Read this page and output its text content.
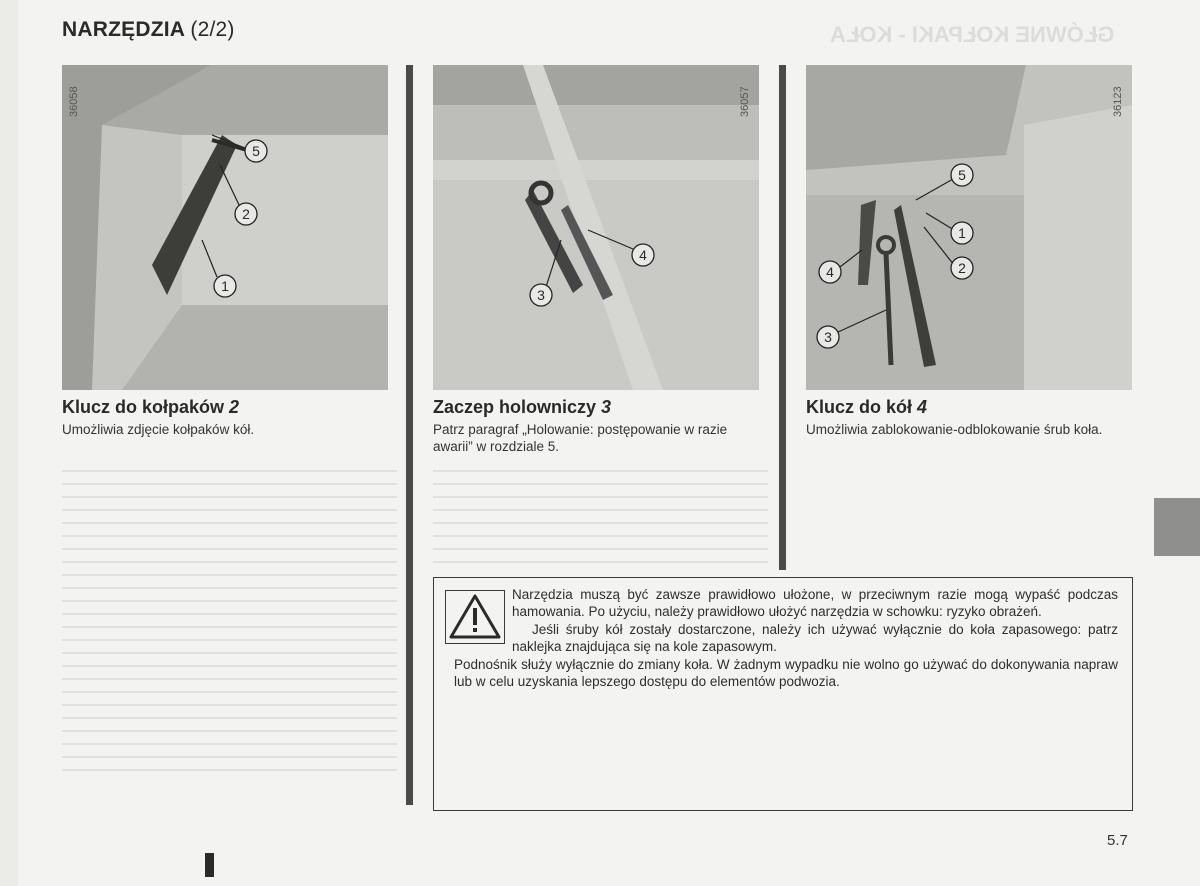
GŁÓWNE KOŁPAKI - KOŁA
NARZĘDZIA (2/2)
36058
5
2
1
36057
4
3
36123
5
1
2
4
3
Klucz do kołpaków 2
Umożliwia zdjęcie kołpaków kół.
Zaczep holowniczy 3
Patrz paragraf „Holowanie: postępowanie w razie awarii” w rozdziale 5.
Klucz do kół 4
Umożliwia zablokowanie-odblokowanie śrub koła.

Narzędzia muszą być zawsze prawidłowo ułożone, w przeciwnym razie mogą wypaść podczas hamowania. Po użyciu, należy prawidłowo ułożyć narzędzia w schowku: ryzyko obrażeń.

Jeśli śruby kół zostały dostarczone, należy ich używać wyłącznie do koła zapasowego: patrz naklejka znajdująca się na kole zapasowym.

Podnośnik służy wyłącznie do zmiany koła. W żadnym wypadku nie wolno go używać do dokonywania napraw lub w celu uzyskania lepszego dostępu do elementów podwozia.

5.7
